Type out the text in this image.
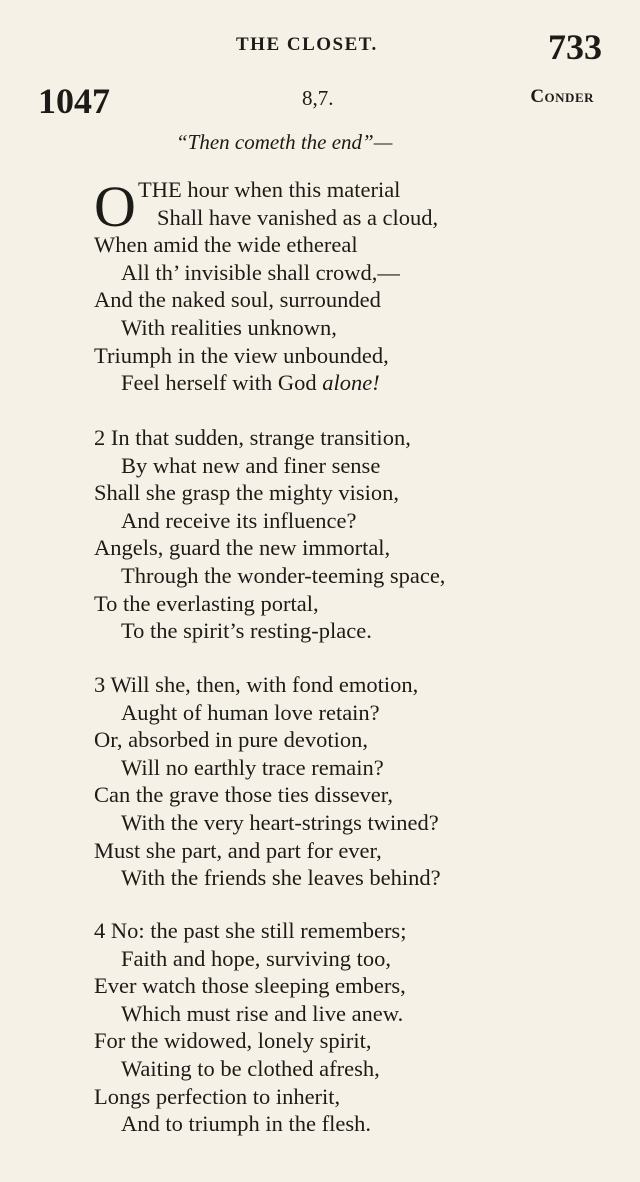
THE CLOSET.	733
1047	8,7.	Conder
“Then cometh the end”—
O THE hour when this material
Shall have vanished as a cloud,
When amid the wide ethereal
All th’ invisible shall crowd,—
And the naked soul, surrounded
With realities unknown,
Triumph in the view unbounded,
Feel herself with God alone!
2 In that sudden, strange transition,
By what new and finer sense
Shall she grasp the mighty vision,
And receive its influence?
Angels, guard the new immortal,
Through the wonder-teeming space,
To the everlasting portal,
To the spirit’s resting-place.
3 Will she, then, with fond emotion,
Aught of human love retain?
Or, absorbed in pure devotion,
Will no earthly trace remain?
Can the grave those ties dissever,
With the very heart-strings twined?
Must she part, and part for ever,
With the friends she leaves behind?
4 No: the past she still remembers;
Faith and hope, surviving too,
Ever watch those sleeping embers,
Which must rise and live anew.
For the widowed, lonely spirit,
Waiting to be clothed afresh,
Longs perfection to inherit,
And to triumph in the flesh.
